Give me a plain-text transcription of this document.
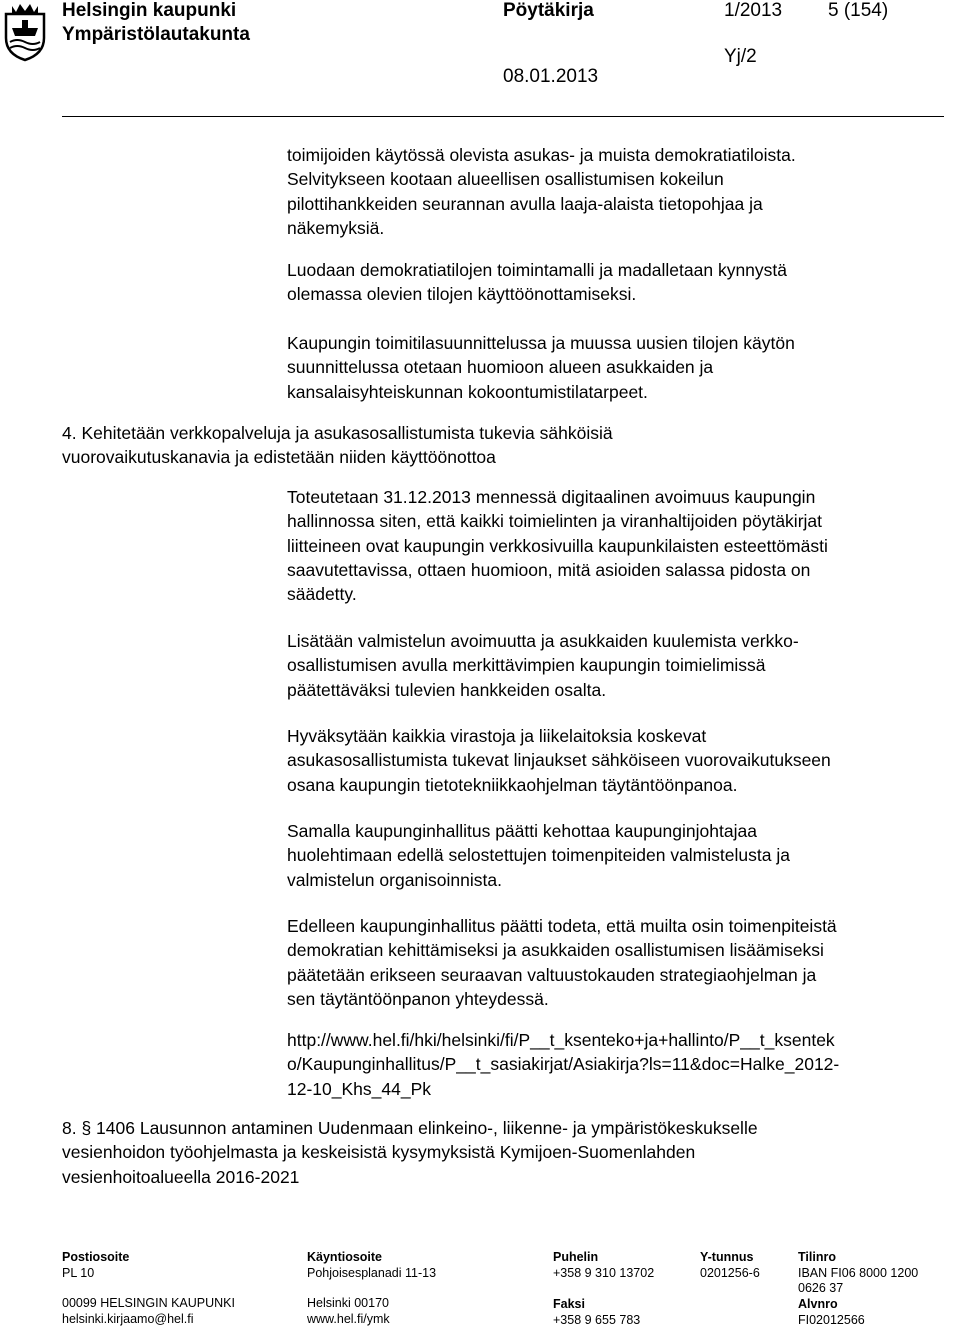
Helsingin kaupunki
Ympäristölautakunta
Pöytäkirja	1/2013 5 (154)
Yj/2
08.01.2013
toimijoiden käytössä olevista asukas- ja muista demokratiatiloista.
Selvitykseen kootaan alueellisen osallistumisen kokeilun
pilottihankkeiden seurannan avulla laaja-alaista tietopohjaa ja
näkemyksiä.
Luodaan demokratiatilojen toimintamalli ja madalletaan kynnystä
olemassa olevien tilojen käyttöönottamiseksi.
Kaupungin toimitilasuunnittelussa ja muussa uusien tilojen käytön
suunnittelussa otetaan huomioon alueen asukkaiden ja
kansalaisyhteiskunnan kokoontumistilatarpeet.
4. Kehitetään verkkopalveluja ja asukasosallistumista tukevia sähköisiä
vuorovaikutuskanavia ja edistetään niiden käyttöönottoa
Toteutetaan 31.12.2013 mennessä digitaalinen avoimuus kaupungin
hallinnossa siten, että kaikki toimielinten ja viranhaltijoiden pöytäkirjat
liitteineen ovat kaupungin verkkosivuilla kaupunkilaisten esteettömästi
saavutettavissa, ottaen huomioon, mitä asioiden salassa pidosta on
säädetty.
Lisätään valmistelun avoimuutta ja asukkaiden kuulemista verkko-
osallistumisen avulla merkittävimpien kaupungin toimielimissä
päätettäväksi tulevien hankkeiden osalta.
Hyväksytään kaikkia virastoja ja liikelaitoksia koskevat
asukasosallistumista tukevat linjaukset sähköiseen vuorovaikutukseen
osana kaupungin tietotekniikkaohjelman täytäntöönpanoa.
Samalla kaupunginhallitus päätti kehottaa kaupunginjohtajaa
huolehtimaan edellä selostettujen toimenpiteiden valmistelusta ja
valmistelun organisoinnista.
Edelleen kaupunginhallitus päätti todeta, että muilta osin toimenpiteistä
demokratian kehittämiseksi ja asukkaiden osallistumisen lisäämiseksi
päätetään erikseen seuraavan valtuustokauden strategiaohjelman ja
sen täytäntöönpanon yhteydessä.
http://www.hel.fi/hki/helsinki/fi/P__t_ksenteko+ja+hallinto/P__t_ksentek
o/Kaupunginhallitus/P__t_sasiakirjat/Asiakirja?ls=11&doc=Halke_2012-
12-10_Khs_44_Pk
8. § 1406 Lausunnon antaminen Uudenmaan elinkeino-, liikenne- ja ympäristökeskukselle
vesienhoidon työohjelmasta ja keskeisistä kysymyksistä Kymijoen-Suomenlahden
vesienhoitoalueella 2016-2021
Postiosoite
PL 10

00099 HELSINGIN KAUPUNKI
helsinki.kirjaamo@hel.fi
Käyntiosoite
Pohjoisesplanadi 11-13

Helsinki 00170
www.hel.fi/ymk
Puhelin
+358 9 310 13702
Faksi
+358 9 655 783
Y-tunnus
0201256-6
Tilinro
IBAN FI06 8000 1200
0626 37
Alvnro
FI02012566
